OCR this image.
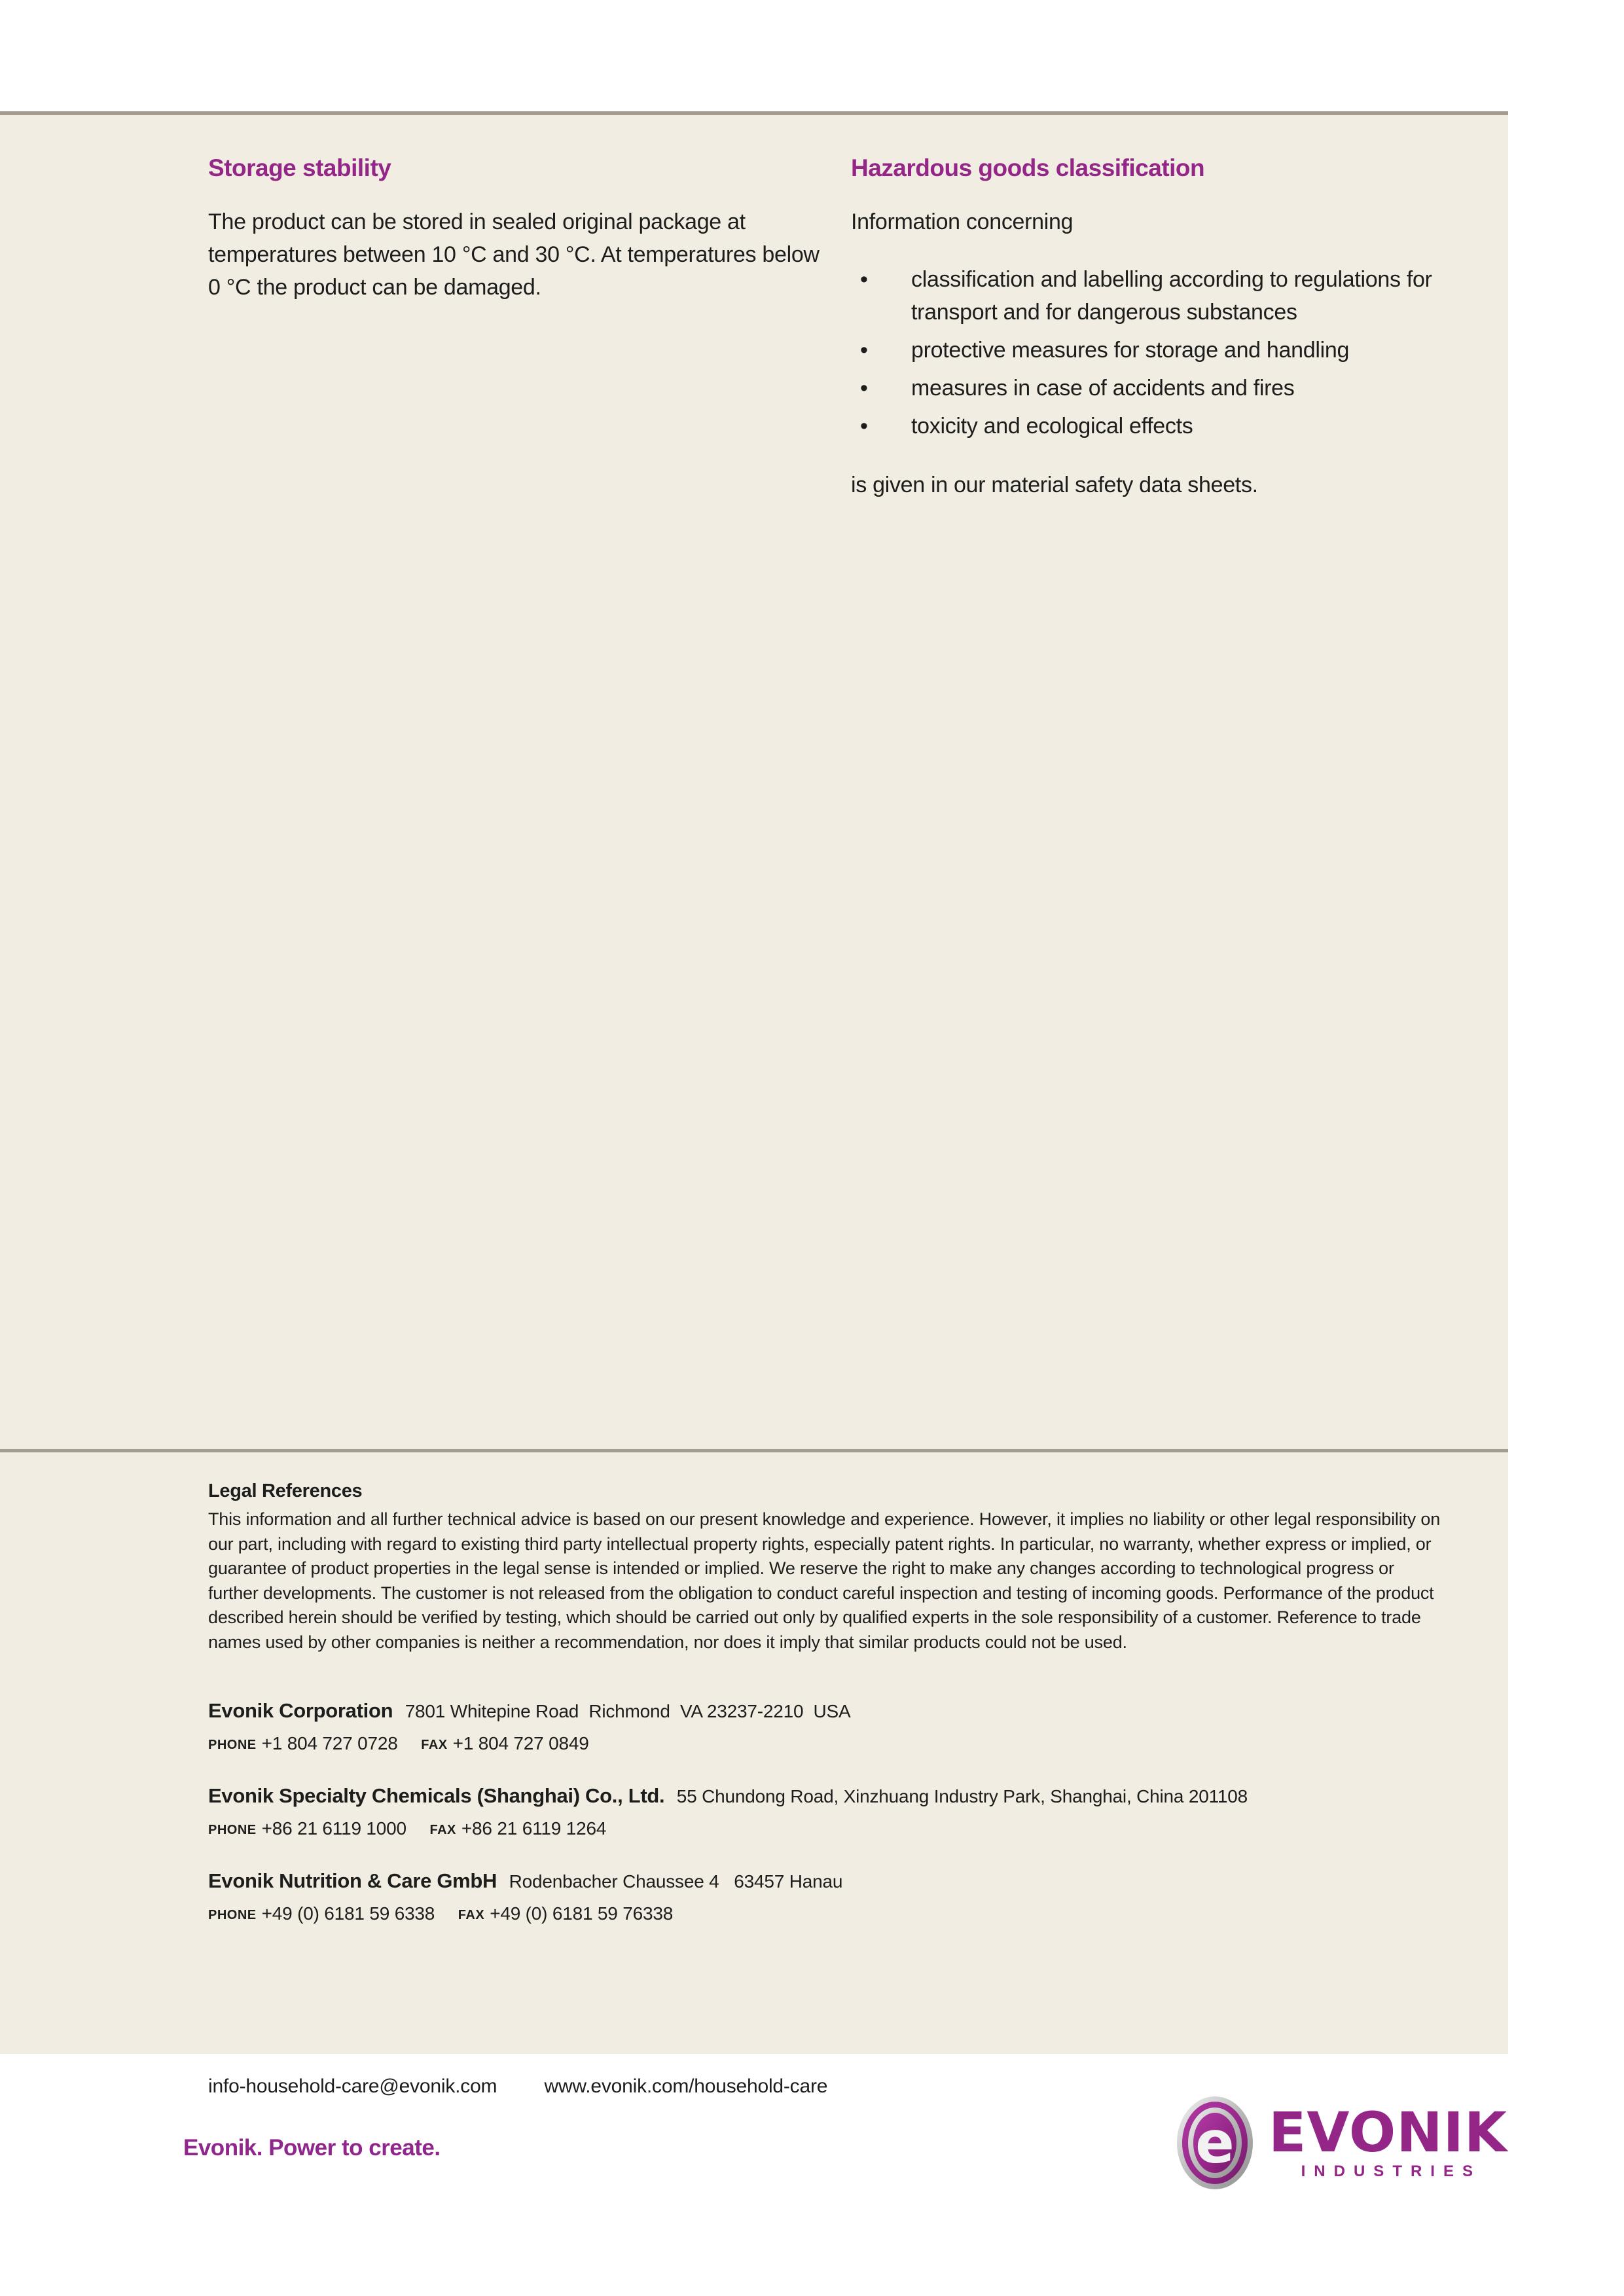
Storage stability
The product can be stored in sealed original package at temperatures between 10 °C and 30 °C. At temperatures below 0 °C the product can be damaged.
Hazardous goods classification
Information concerning
• classification and labelling according to regulations for transport and for dangerous substances
• protective measures for storage and handling
• measures in case of accidents and fires
• toxicity and ecological effects
is given in our material safety data sheets.
Legal References
This information and all further technical advice is based on our present knowledge and experience. However, it implies no liability or other legal responsibility on our part, including with regard to existing third party intellectual property rights, especially patent rights. In particular, no warranty, whether express or implied, or guarantee of product properties in the legal sense is intended or implied. We reserve the right to make any changes according to technological progress or further developments. The customer is not released from the obligation to conduct careful inspection and testing of incoming goods. Performance of the product described herein should be verified by testing, which should be carried out only by qualified experts in the sole responsibility of a customer. Reference to trade names used by other companies is neither a recommendation, nor does it imply that similar products could not be used.
Evonik Corporation 7801 Whitepine Road  Richmond  VA 23237-2210  USA
PHONE +1 804 727 0728 FAX +1 804 727 0849
Evonik Specialty Chemicals (Shanghai) Co., Ltd. 55 Chundong Road, Xinzhuang Industry Park, Shanghai, China 201108
PHONE +86 21 6119 1000 FAX +86 21 6119 1264
Evonik Nutrition & Care GmbH Rodenbacher Chaussee 4   63457 Hanau
PHONE +49 (0) 6181 59 6338 FAX +49 (0) 6181 59 76338
info-household-care@evonik.com www.evonik.com/household-care
Evonik. Power to create.	e EVONIK
INDUSTRIES
